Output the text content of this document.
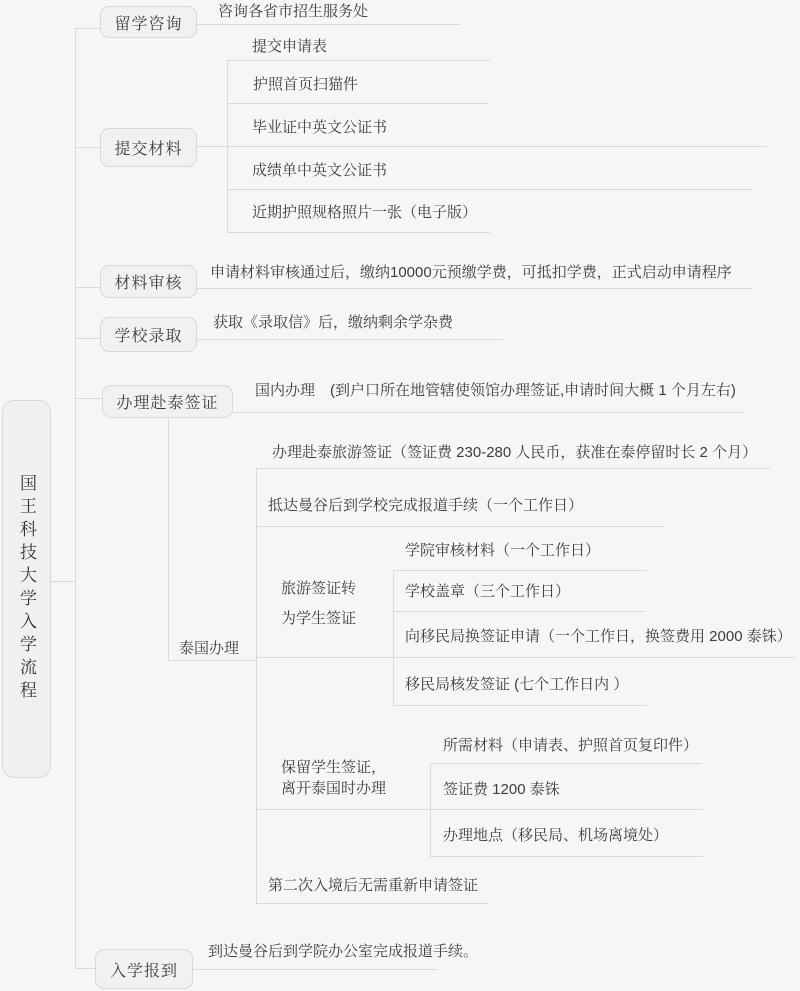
国王科技大学入学流程
留学咨询
提交材料
材料审核
学校录取
办理赴泰签证
入学报到
咨询各省市招生服务处
提交申请表
护照首页扫猫件
毕业证中英文公证书
成绩单中英文公证书
近期护照规格照片一张（电子版）
申请材料审核通过后，缴纳10000元预缴学费，可抵扣学费，正式启动申请程序
获取《录取信》后，缴纳剩余学杂费
国内办理　(到户口所在地管辖使领馆办理签证,申请时间大概 1 个月左右)
泰国办理
办理赴泰旅游签证（签证费 230-280 人民币，获准在泰停留时长 2 个月）
抵达曼谷后到学校完成报道手续（一个工作日）
旅游签证转
为学生签证
学院审核材料（一个工作日）
学校盖章（三个工作日）
向移民局换签证申请（一个工作日，换签费用 2000 泰铢）
移民局核发签证 (七个工作日内 ）
保留学生签证，
离开泰国时办理
所需材料（申请表、护照首页复印件）
签证费 1200 泰铢
办理地点（移民局、机场离境处）
第二次入境后无需重新申请签证
到达曼谷后到学院办公室完成报道手续。
